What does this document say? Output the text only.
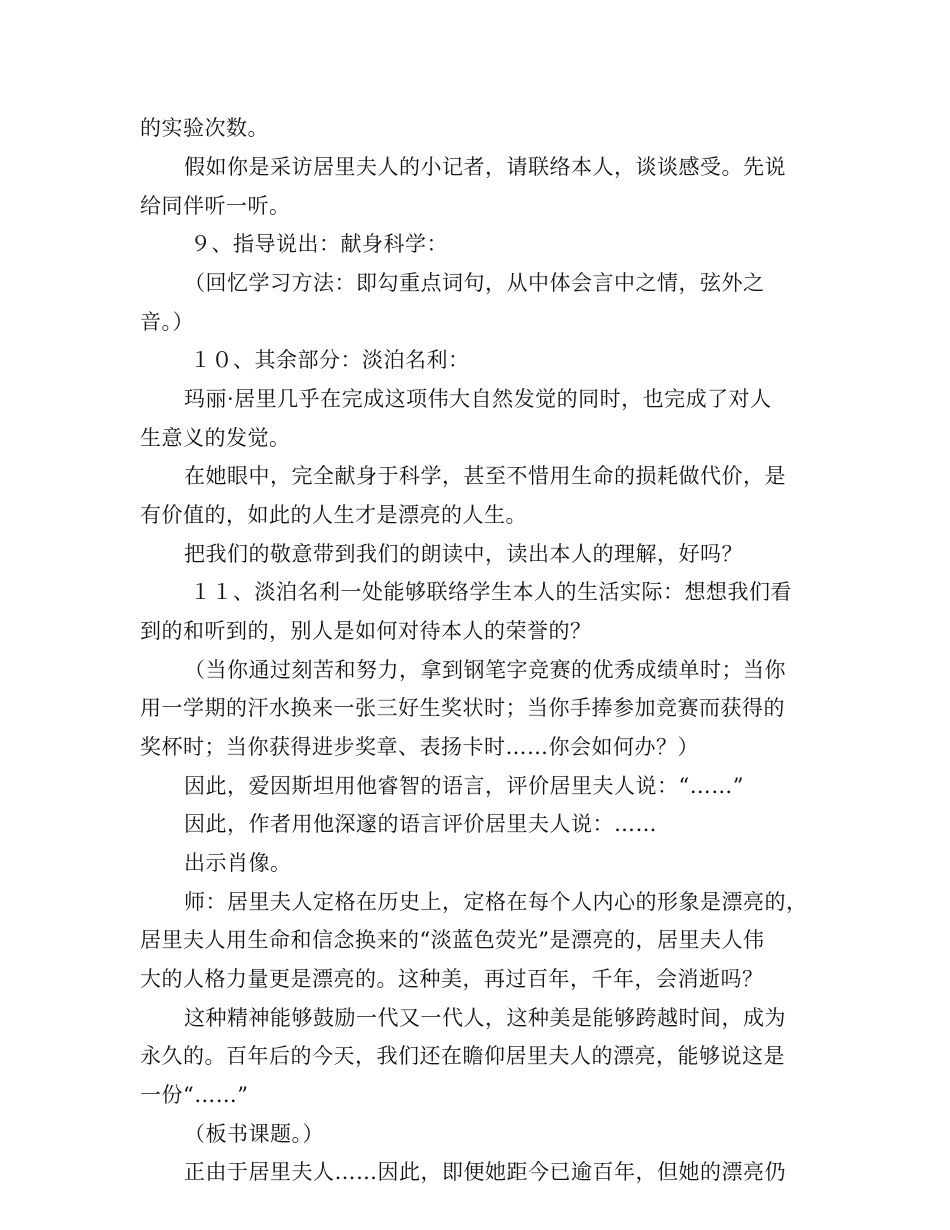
的实验次数。
假如你是采访居里夫人的小记者，请联络本人，谈谈感受。先说
给同伴听一听。
９、指导说出：献身科学：
（回忆学习方法：即勾重点词句，从中体会言中之情，弦外之
音。）
１０、其余部分：淡泊名利：
玛丽·居里几乎在完成这项伟大自然发觉的同时，也完成了对人
生意义的发觉。
在她眼中，完全献身于科学，甚至不惜用生命的损耗做代价，是
有价值的，如此的人生才是漂亮的人生。
把我们的敬意带到我们的朗读中，读出本人的理解，好吗？
１１、淡泊名利一处能够联络学生本人的生活实际：想想我们看
到的和听到的，别人是如何对待本人的荣誉的？
（当你通过刻苦和努力，拿到钢笔字竞赛的优秀成绩单时；当你
用一学期的汗水换来一张三好生奖状时；当你手捧参加竞赛而获得的
奖杯时；当你获得进步奖章、表扬卡时……你会如何办？）
因此，爱因斯坦用他睿智的语言，评价居里夫人说：“……”
因此，作者用他深邃的语言评价居里夫人说：……
出示肖像。
师：居里夫人定格在历史上，定格在每个人内心的形象是漂亮的，
居里夫人用生命和信念换来的“淡蓝色荧光”是漂亮的，居里夫人伟
大的人格力量更是漂亮的。这种美，再过百年，千年，会消逝吗？
这种精神能够鼓励一代又一代人，这种美是能够跨越时间，成为
永久的。百年后的今天，我们还在瞻仰居里夫人的漂亮，能够说这是
一份“……”
（板书课题。）
正由于居里夫人……因此，即便她距今已逾百年，但她的漂亮仍
